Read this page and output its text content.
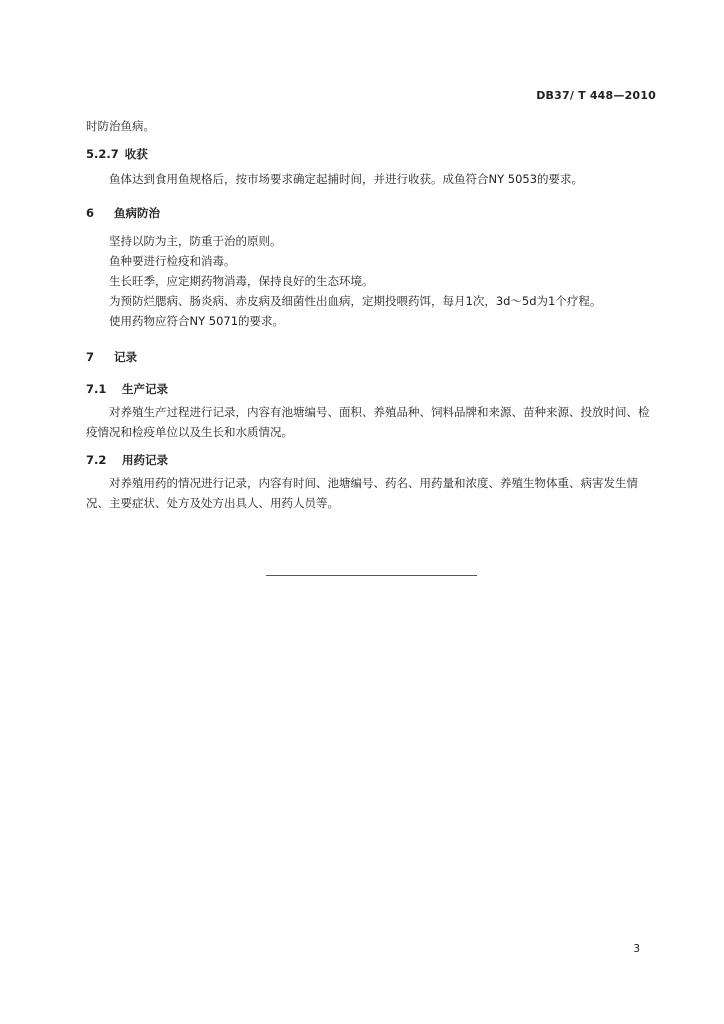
DB37/ T 448—2010
时防治鱼病。
5.2.7 收获
鱼体达到食用鱼规格后，按市场要求确定起捕时间，并进行收获。成鱼符合NY 5053的要求。
6 鱼病防治
坚持以防为主，防重于治的原则。
鱼种要进行检疫和消毒。
生长旺季，应定期药物消毒，保持良好的生态环境。
为预防烂腮病、肠炎病、赤皮病及细菌性出血病，定期投喂药饵，每月1次，3d～5d为1个疗程。
使用药物应符合NY 5071的要求。
7 记录
7.1 生产记录
对养殖生产过程进行记录，内容有池塘编号、面积、养殖品种、饲料品牌和来源、苗种来源、投放时间、检疫情况和检疫单位以及生长和水质情况。
7.2 用药记录
对养殖用药的情况进行记录，内容有时间、池塘编号、药名、用药量和浓度、养殖生物体重、病害发生情况、主要症状、处方及处方出具人、用药人员等。
3
